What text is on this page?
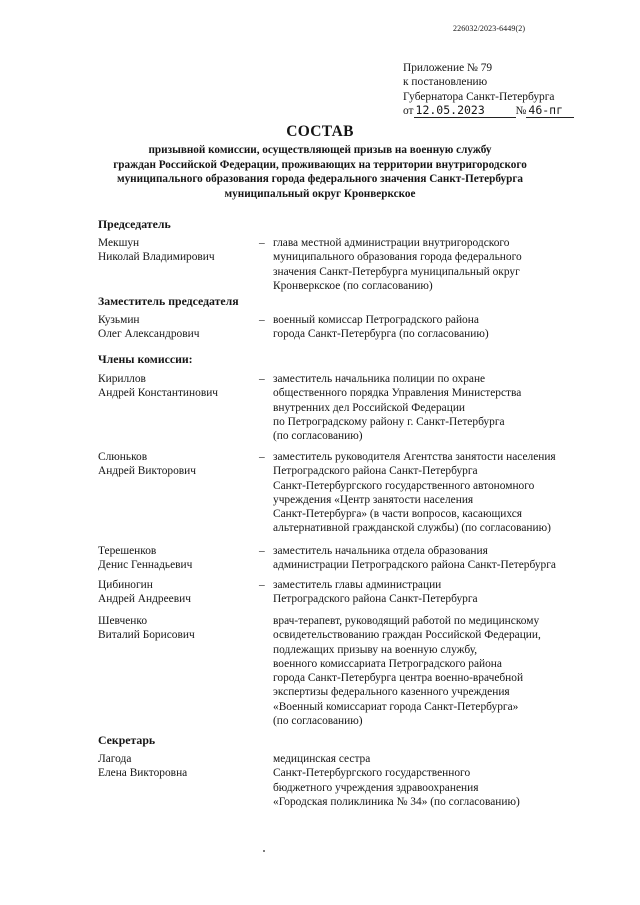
226032/2023-6449(2)
Приложение № 79
к постановлению
Губернатора Санкт-Петербурга
от 12.05.2023	№ 46-пг
СОСТАВ
призывной комиссии, осуществляющей призыв на военную службу
граждан Российской Федерации, проживающих на территории внутригородского
муниципального образования города федерального значения Санкт-Петербурга
муниципальный округ Кронверкское
Председатель
Мекшун
Николай Владимирович
– глава местной администрации внутригородского
муниципального образования города федерального
значения Санкт-Петербурга муниципальный округ
Кронверкское (по согласованию)
Заместитель председателя
Кузьмин
Олег Александрович
– военный комиссар Петроградского района
города Санкт-Петербурга (по согласованию)
Члены комиссии:
Кириллов
Андрей Константинович
– заместитель начальника полиции по охране
общественного порядка Управления Министерства
внутренних дел Российской Федерации
по Петроградскому району г. Санкт-Петербурга
(по согласованию)
Слюньков
Андрей Викторович
– заместитель руководителя Агентства занятости населения
Петроградского района Санкт-Петербурга
Санкт-Петербургского государственного автономного
учреждения «Центр занятости населения
Санкт-Петербурга» (в части вопросов, касающихся
альтернативной гражданской службы) (по согласованию)
Терешенков
Денис Геннадьевич
– заместитель начальника отдела образования
администрации Петроградского района Санкт-Петербурга
Цибиногин
Андрей Андреевич
– заместитель главы администрации
Петроградского района Санкт-Петербурга
Шевченко
Виталий Борисович
врач-терапевт, руководящий работой по медицинскому
освидетельствованию граждан Российской Федерации,
подлежащих призыву на военную службу,
военного комиссариата Петроградского района
города Санкт-Петербурга центра военно-врачебной
экспертизы федерального казенного учреждения
«Военный комиссариат города Санкт-Петербурга»
(по согласованию)
Секретарь
Лагода
Елена Викторовна
медицинская сестра
Санкт-Петербургского государственного
бюджетного учреждения здравоохранения
«Городская поликлиника № 34» (по согласованию)
